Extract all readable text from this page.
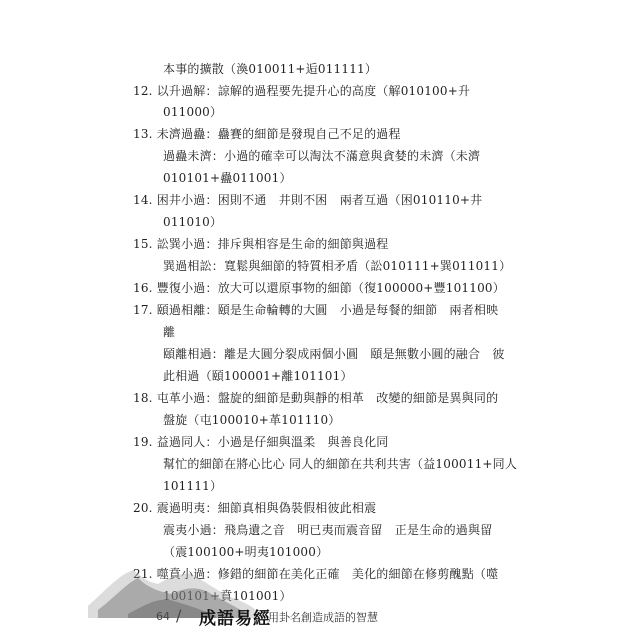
本事的擴散（渙010011+逅011111）
12. 以升過解：諒解的過程要先提升心的高度（解010100+升
011000）
13. 未濟過蠱：蠱賽的細節是發現自己不足的過程
過蠱未濟：小過的確幸可以淘汰不滿意與貪婪的未濟（未濟
010101+蠱011001）
14. 困井小過：困則不通　井則不困　兩者互過（困010110+井
011010）
15. 訟巽小過：排斥與相容是生命的細節與過程
巽過相訟：寬鬆與細節的特質相矛盾（訟010111+巽011011）
16. 豐復小過：放大可以還原事物的細節（復100000+豐101100）
17. 頤過相離：頤是生命輪轉的大圓　小過是每餐的細節　兩者相映
離
頤離相過：離是大圓分裂成兩個小圓　頤是無數小圓的融合　彼
此相過（頤100001+離101101）
18. 屯革小過：盤旋的細節是動與靜的相革　改變的細節是異與同的
盤旋（屯100010+革101110）
19. 益過同人：小過是仔細與溫柔　與善良化同
幫忙的細節在將心比心 同人的細節在共利共害（益100011+同人
101111）
20. 震過明夷：細節真相與偽裝假相彼此相震
震夷小過：飛鳥遺之音　明已夷而震音留　正是生命的過與留
（震100100+明夷101000）
21. 噬賁小過：修錯的細節在美化正確　美化的細節在修剪醜點（噬
100101+賁101001）
64 / 成語易經
：用卦名創造成語的智慧
